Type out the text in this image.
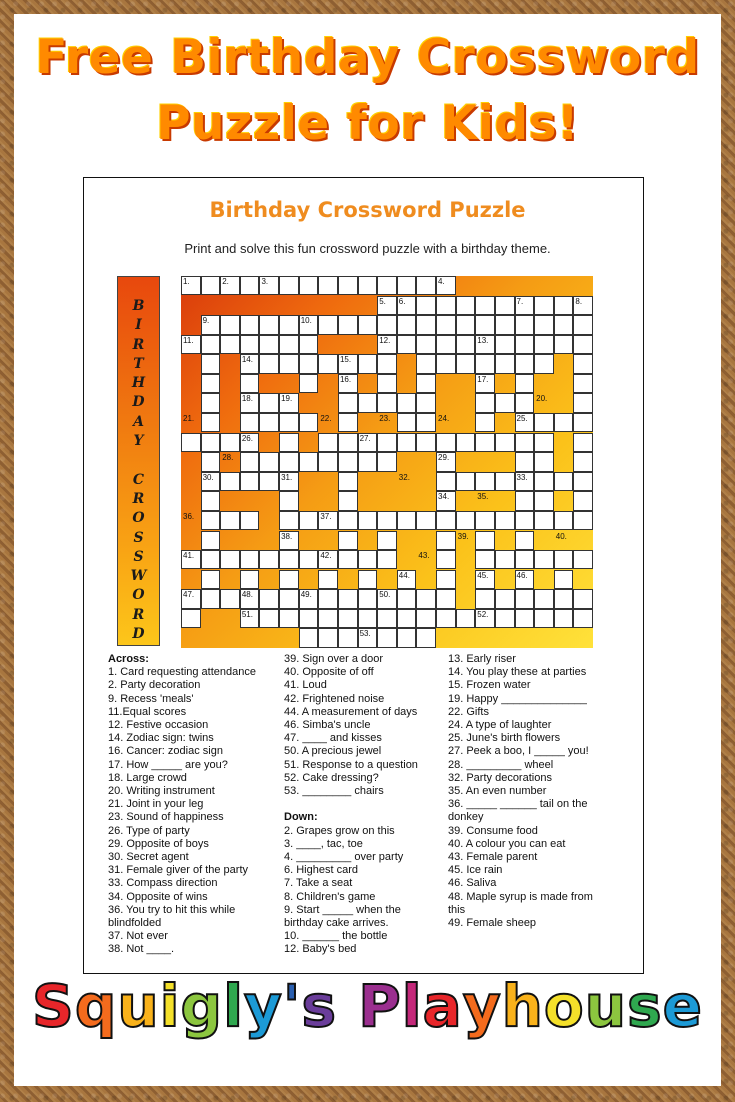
Free Birthday Crossword
Puzzle for Kids!
Birthday Crossword Puzzle
Print and solve this fun crossword puzzle with a birthday theme.
B
I
R
T
H
D
A
Y

C
R
O
S
S
W
O
R
D
1.	2.	3.	4.
5. 6.	7.	8.
9.	10.
11.	12.	13.
14.	15.
16.	17.
18.	19.	20.
21.	22.	23.	24.	25.
26.	27.
28.	29.
30.	31.	32.	33.
34.	35.
36.	37.
38.	39.	40.
41.	42.	43.
44.	45.	46.
47.	48.	49.	50.
51.	52.
53.
Across:
1. Card requesting attendance
2. Party decoration
9. Recess 'meals'
11.Equal scores
12. Festive occasion
14. Zodiac sign: twins
16. Cancer: zodiac sign
17. How _____ are you?
18. Large crowd
20. Writing instrument
21. Joint in your leg
23. Sound of happiness
26. Type of party
29. Opposite of boys
30. Secret agent
31. Female giver of the party
33. Compass direction
34. Opposite of wins
36. You try to hit this while
blindfolded
37. Not ever
38. Not ____.
39. Sign over a door
40. Opposite of off
41. Loud
42. Frightened noise
44. A measurement of days
46. Simba's uncle
47. ____ and kisses
50. A precious jewel
51. Response to a question
52. Cake dressing?
53. ________ chairs
Down:
2. Grapes grow on this
3. ____, tac, toe
4. _________ over party
6. Highest card
7. Take a seat
8. Children's game
9. Start _____ when the
birthday cake arrives.
10. ______ the bottle
12. Baby's bed
13. Early riser
14. You play these at parties
15. Frozen water
19. Happy ______________
22. Gifts
24. A type of laughter
25. June's birth flowers
27. Peek a boo, I _____ you!
28. _________ wheel
32. Party decorations
35. An even number
36. _____ ______ tail on the
donkey
39. Consume food
40. A colour you can eat
43. Female parent
45. Ice rain
46. Saliva
48. Maple syrup is made from
this
49. Female sheep
Squigly's Playhouse
